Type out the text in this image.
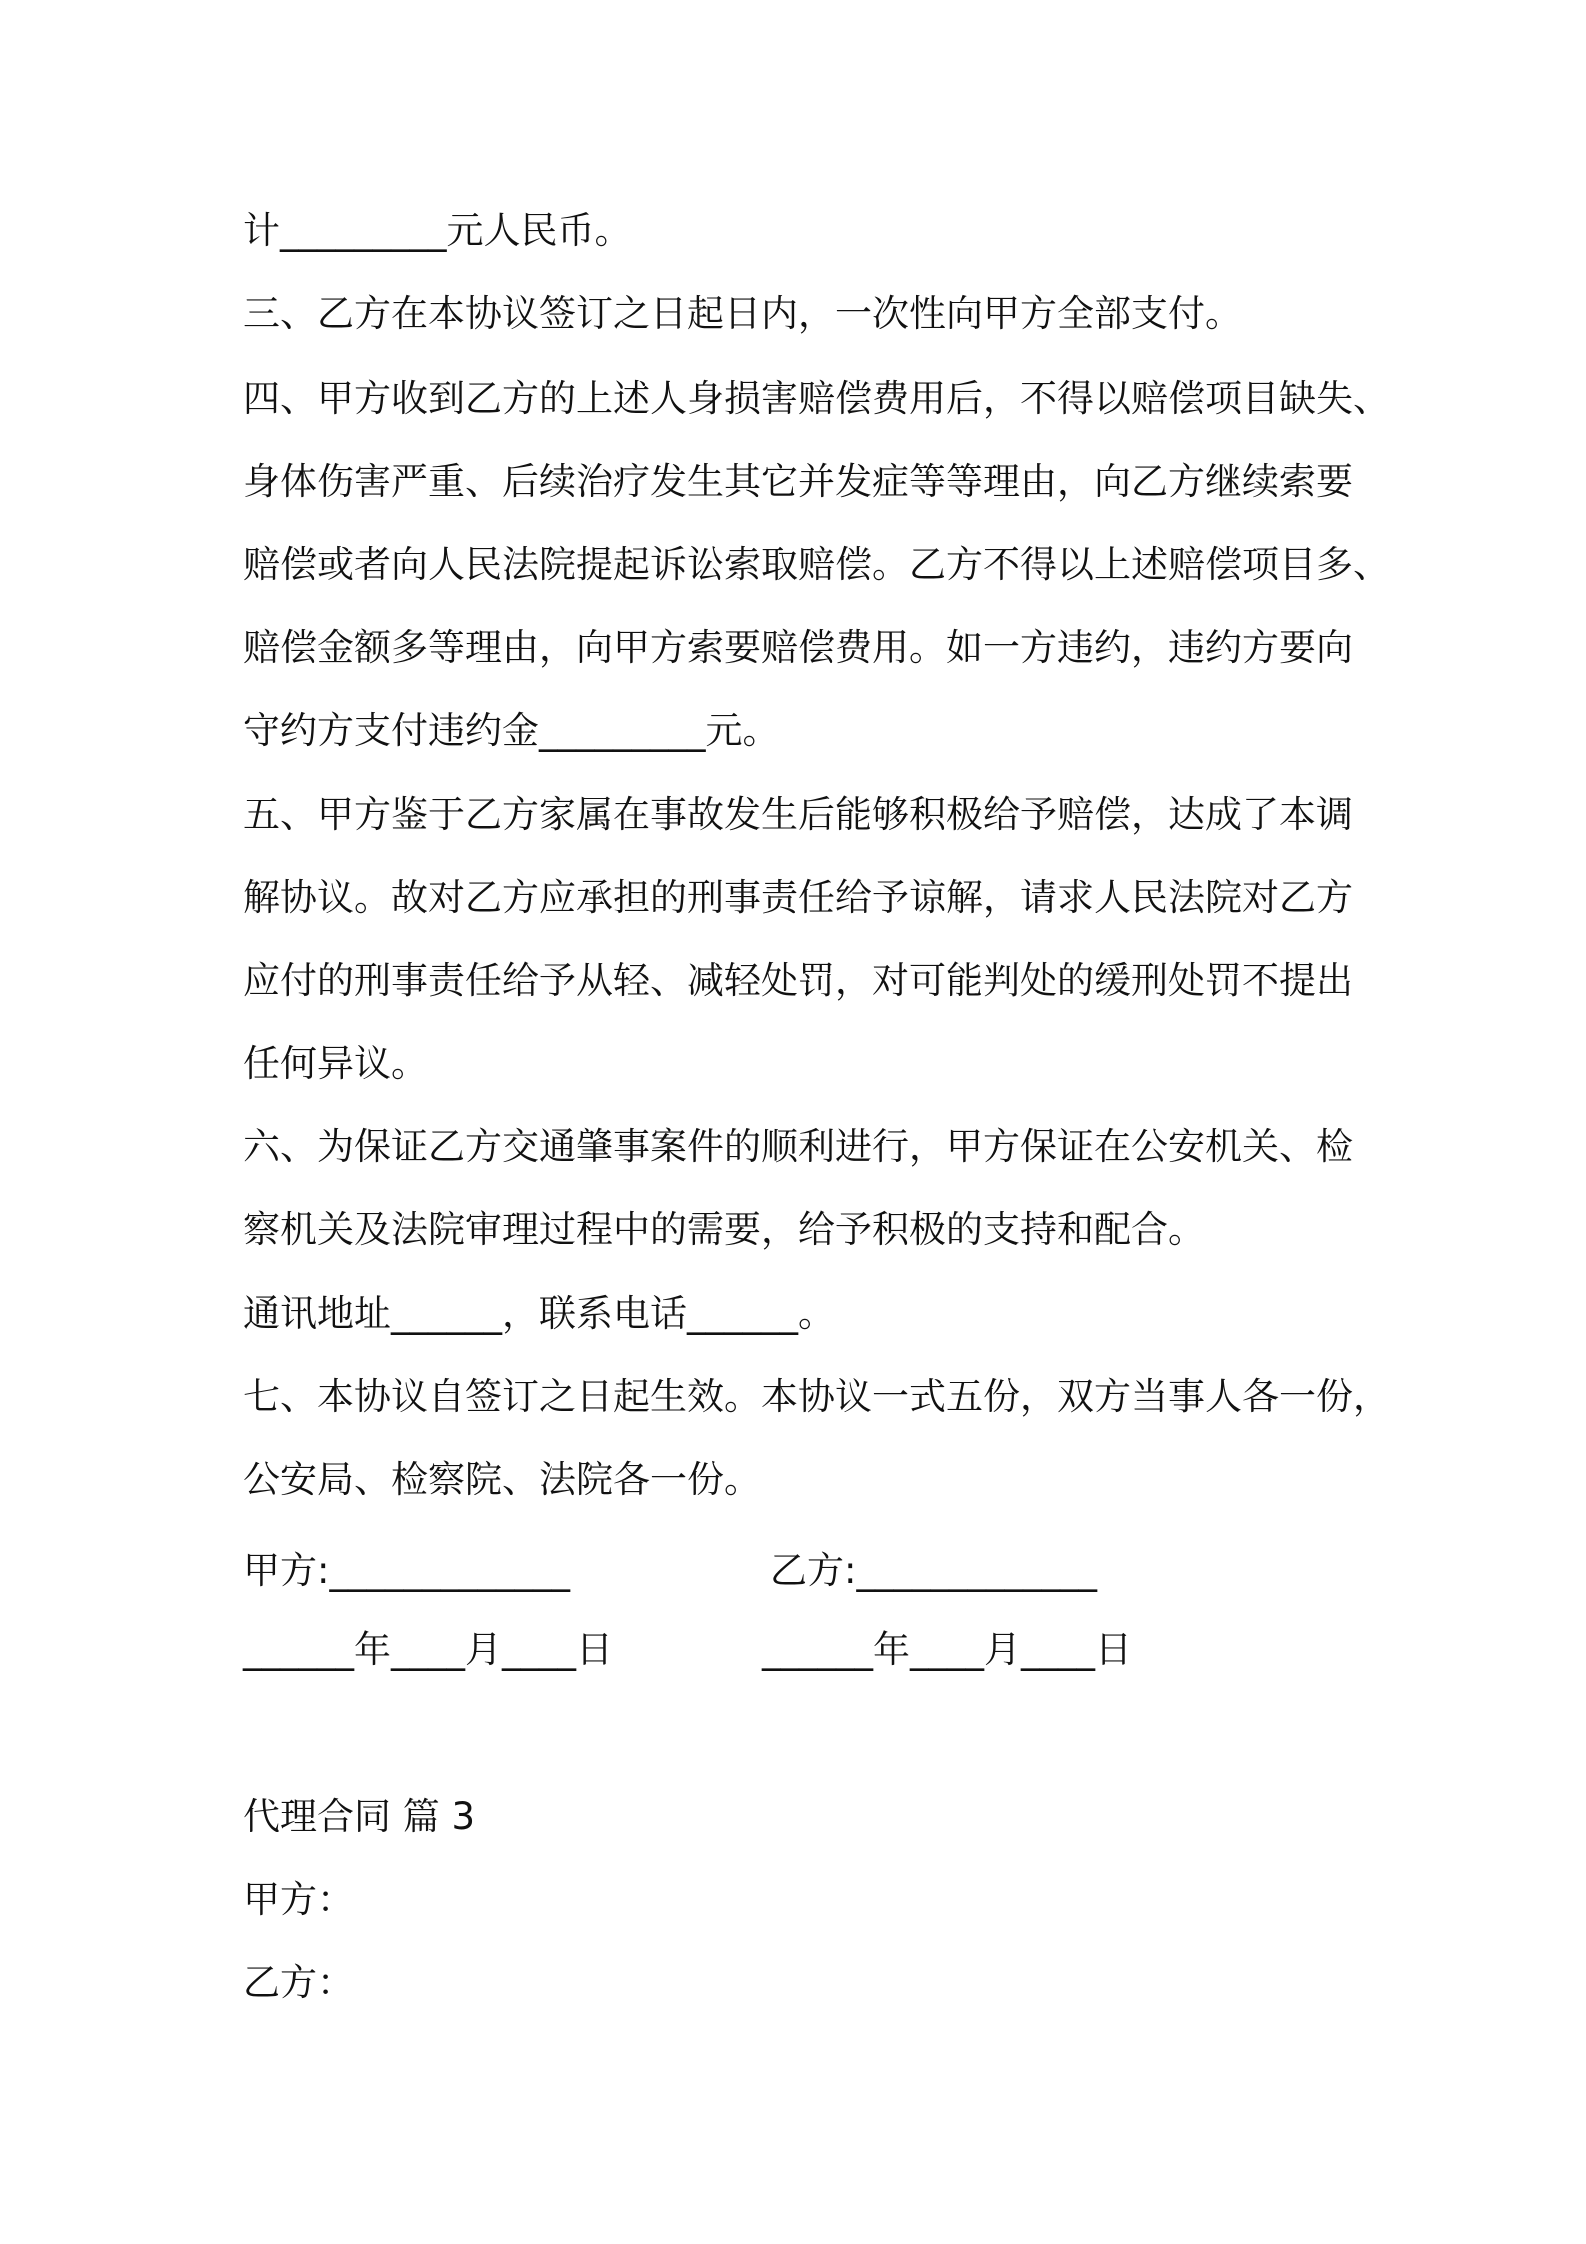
计_________元人民币。
三、乙方在本协议签订之日起日内，一次性向甲方全部支付。
四、甲方收到乙方的上述人身损害赔偿费用后，不得以赔偿项目缺失、
身体伤害严重、后续治疗发生其它并发症等等理由，向乙方继续索要
赔偿或者向人民法院提起诉讼索取赔偿。乙方不得以上述赔偿项目多、
赔偿金额多等理由，向甲方索要赔偿费用。如一方违约，违约方要向
守约方支付违约金_________元。
五、甲方鉴于乙方家属在事故发生后能够积极给予赔偿，达成了本调
解协议。故对乙方应承担的刑事责任给予谅解，请求人民法院对乙方
应付的刑事责任给予从轻、减轻处罚，对可能判处的缓刑处罚不提出
任何异议。
六、为保证乙方交通肇事案件的顺利进行，甲方保证在公安机关、检
察机关及法院审理过程中的需要，给予积极的支持和配合。
通讯地址______，联系电话______。
七、本协议自签订之日起生效。本协议一式五份，双方当事人各一份，
公安局、检察院、法院各一份。
甲方:_____________	乙方:_____________
______年____月____日	______年____月____日
代理合同 篇 3
甲方：
乙方：
